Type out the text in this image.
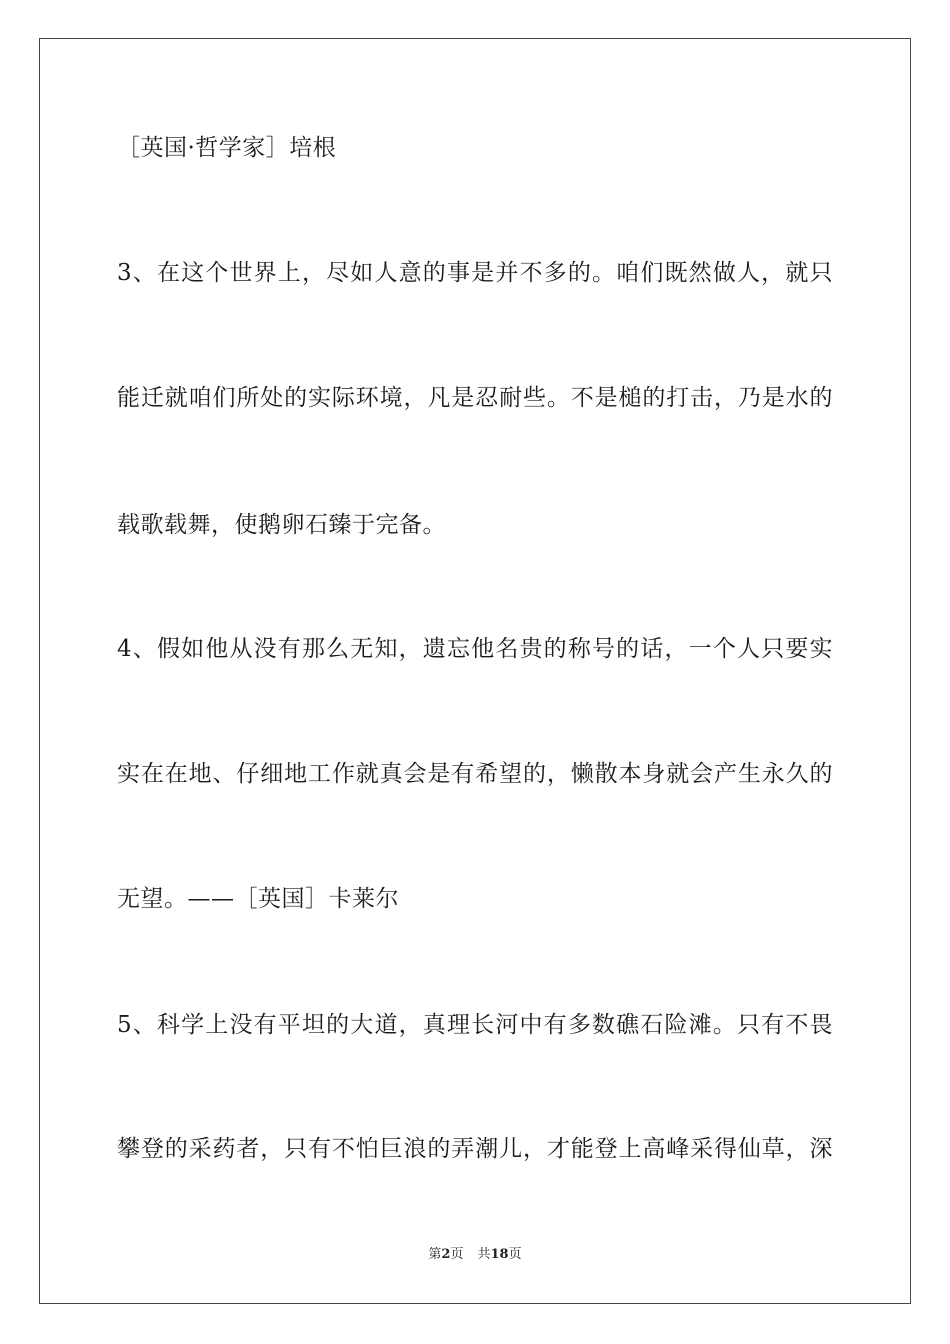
［英国·哲学家］培根
3、在这个世界上，尽如人意的事是并不多的。咱们既然做人，就只
能迁就咱们所处的实际环境，凡是忍耐些。不是槌的打击，乃是水的
载歌载舞，使鹅卵石臻于完备。
4、假如他从没有那么无知，遗忘他名贵的称号的话，一个人只要实
实在在地、仔细地工作就真会是有希望的，懒散本身就会产生永久的
无望。——［英国］卡莱尔
5、科学上没有平坦的大道，真理长河中有多数礁石险滩。只有不畏
攀登的采药者，只有不怕巨浪的弄潮儿，才能登上高峰采得仙草，深
第2页 共18页
